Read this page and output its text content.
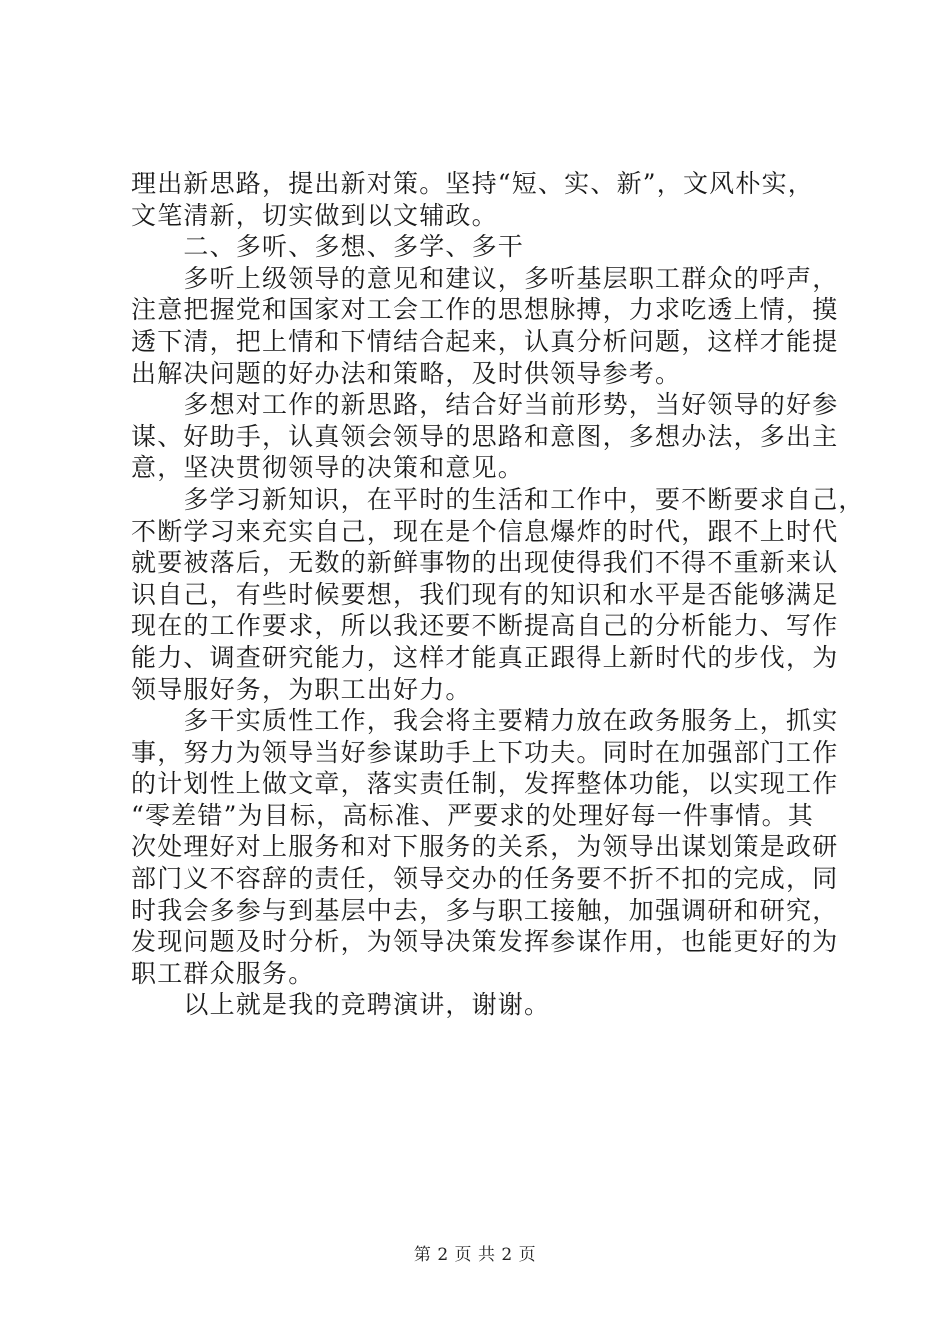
理出新思路，提出新对策。坚持“短、实、新”，文风朴实，
文笔清新，切实做到以文辅政。
　　二、多听、多想、多学、多干
　　多听上级领导的意见和建议，多听基层职工群众的呼声，
注意把握党和国家对工会工作的思想脉搏，力求吃透上情，摸
透下清，把上情和下情结合起来，认真分析问题，这样才能提
出解决问题的好办法和策略，及时供领导参考。
　　多想对工作的新思路，结合好当前形势，当好领导的好参
谋、好助手，认真领会领导的思路和意图，多想办法，多出主
意，坚决贯彻领导的决策和意见。
　　多学习新知识，在平时的生活和工作中，要不断要求自己，
不断学习来充实自己，现在是个信息爆炸的时代，跟不上时代
就要被落后，无数的新鲜事物的出现使得我们不得不重新来认
识自己，有些时候要想，我们现有的知识和水平是否能够满足
现在的工作要求，所以我还要不断提高自己的分析能力、写作
能力、调查研究能力，这样才能真正跟得上新时代的步伐，为
领导服好务，为职工出好力。
　　多干实质性工作，我会将主要精力放在政务服务上，抓实
事，努力为领导当好参谋助手上下功夫。同时在加强部门工作
的计划性上做文章，落实责任制，发挥整体功能，以实现工作
“零差错”为目标，高标准、严要求的处理好每一件事情。其
次处理好对上服务和对下服务的关系，为领导出谋划策是政研
部门义不容辞的责任，领导交办的任务要不折不扣的完成，同
时我会多参与到基层中去，多与职工接触，加强调研和研究，
发现问题及时分析，为领导决策发挥参谋作用，也能更好的为
职工群众服务。
　　以上就是我的竞聘演讲，谢谢。
第 2 页 共 2 页
